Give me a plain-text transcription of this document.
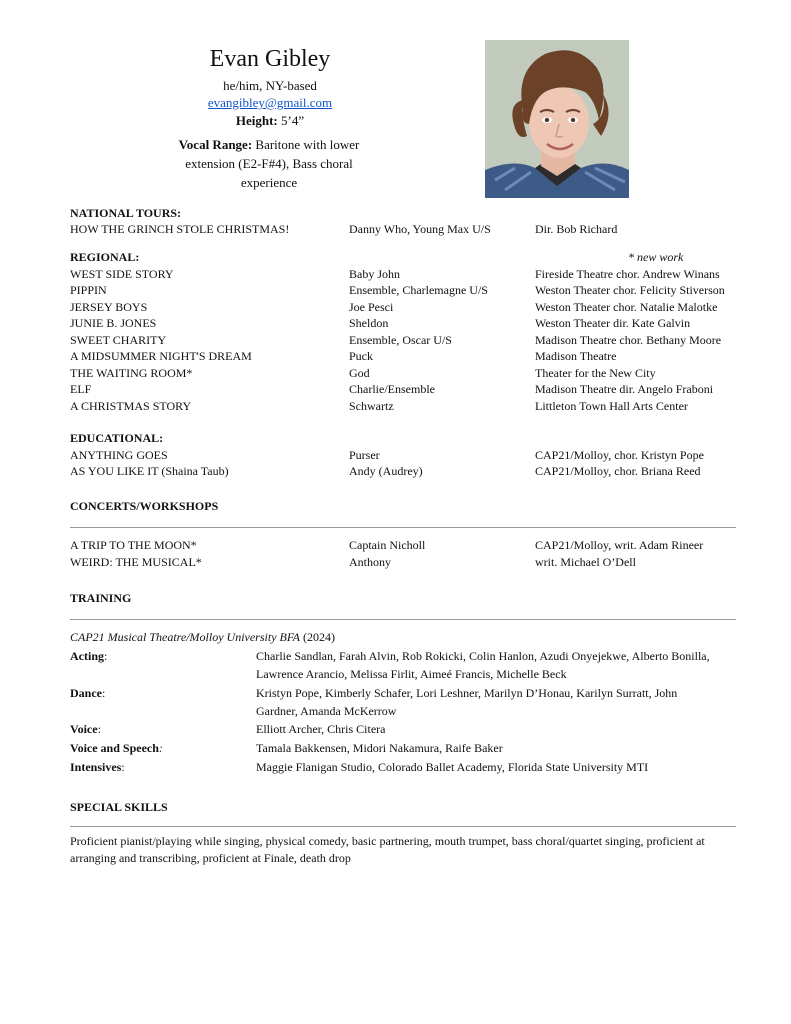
Evan Gibley
he/him, NY-based
evangibley@gmail.com
Height: 5’4”
Vocal Range: Baritone with lower extension (E2-F#4), Bass choral experience
NATIONAL TOURS:
HOW THE GRINCH STOLE CHRISTMAS!	Danny Who, Young Max U/S	Dir. Bob Richard
REGIONAL:	* new work
WEST SIDE STORY	Baby John	Fireside Theatre chor. Andrew Winans
PIPPIN	Ensemble, Charlemagne U/S	Weston Theater chor. Felicity Stiverson
JERSEY BOYS	Joe Pesci	Weston Theater chor. Natalie Malotke
JUNIE B. JONES	Sheldon	Weston Theater dir. Kate Galvin
SWEET CHARITY	Ensemble, Oscar U/S	Madison Theatre chor. Bethany Moore
A MIDSUMMER NIGHT'S DREAM	Puck	Madison Theatre
THE WAITING ROOM*	God	Theater for the New City
ELF	Charlie/Ensemble	Madison Theatre dir. Angelo Fraboni
A CHRISTMAS STORY	Schwartz	Littleton Town Hall Arts Center
EDUCATIONAL:
ANYTHING GOES	Purser	CAP21/Molloy, chor. Kristyn Pope
AS YOU LIKE IT (Shaina Taub)	Andy (Audrey)	CAP21/Molloy, chor. Briana Reed
CONCERTS/WORKSHOPS
A TRIP TO THE MOON*	Captain Nicholl	CAP21/Molloy, writ. Adam Rineer
WEIRD: THE MUSICAL*	Anthony	writ. Michael O’Dell
TRAINING
CAP21 Musical Theatre/Molloy University BFA (2024)
Acting:	Charlie Sandlan, Farah Alvin, Rob Rokicki, Colin Hanlon, Azudi Onyejekwe, Alberto Bonilla, Lawrence Arancio, Melissa Firlit, Aimeé Francis, Michelle Beck
Dance:	Kristyn Pope, Kimberly Schafer, Lori Leshner, Marilyn D’Honau, Karilyn Surratt, John Gardner, Amanda McKerrow
Voice:	Elliott Archer, Chris Citera
Voice and Speech:	Tamala Bakkensen, Midori Nakamura, Raife Baker
Intensives:	Maggie Flanigan Studio, Colorado Ballet Academy, Florida State University MTI
SPECIAL SKILLS
Proficient pianist/playing while singing, physical comedy, basic partnering, mouth trumpet, bass choral/quartet singing, proficient at arranging and transcribing, proficient at Finale, death drop
